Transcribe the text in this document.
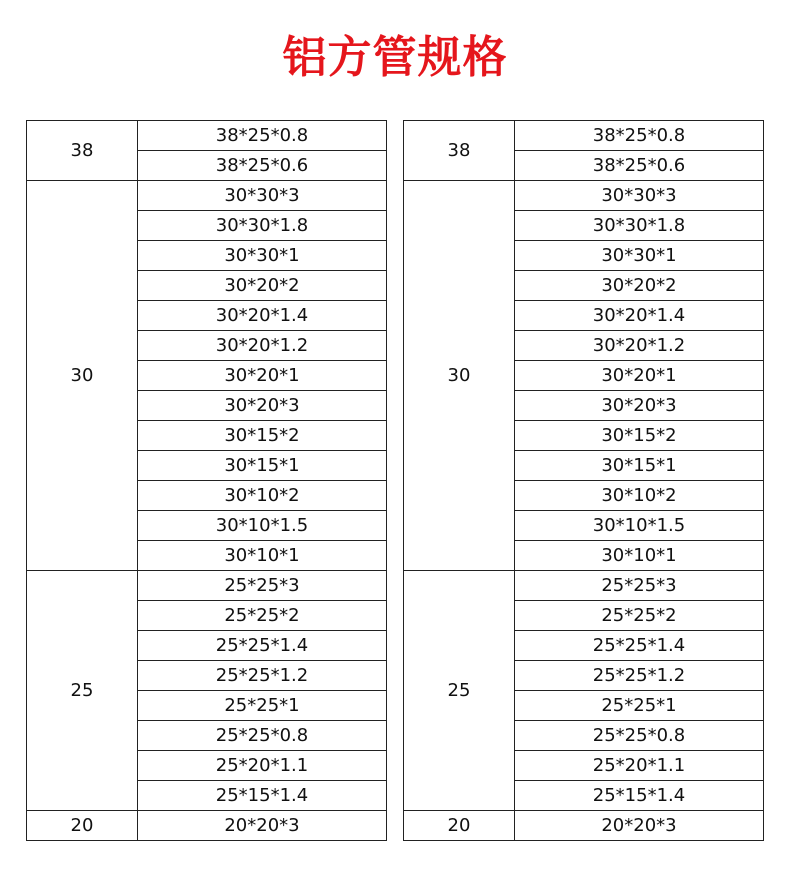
铝方管规格
38	38*25*0.8
	38*25*0.6
30	30*30*3
	30*30*1.8
	30*30*1
	30*20*2
	30*20*1.4
	30*20*1.2
	30*20*1
	30*20*3
	30*15*2
	30*15*1
	30*10*2
	30*10*1.5
	30*10*1
25	25*25*3
	25*25*2
	25*25*1.4
	25*25*1.2
	25*25*1
	25*25*0.8
	25*20*1.1
	25*15*1.4
20	20*20*3
38	38*25*0.8
	38*25*0.6
30	30*30*3
	30*30*1.8
	30*30*1
	30*20*2
	30*20*1.4
	30*20*1.2
	30*20*1
	30*20*3
	30*15*2
	30*15*1
	30*10*2
	30*10*1.5
	30*10*1
25	25*25*3
	25*25*2
	25*25*1.4
	25*25*1.2
	25*25*1
	25*25*0.8
	25*20*1.1
	25*15*1.4
20	20*20*3
